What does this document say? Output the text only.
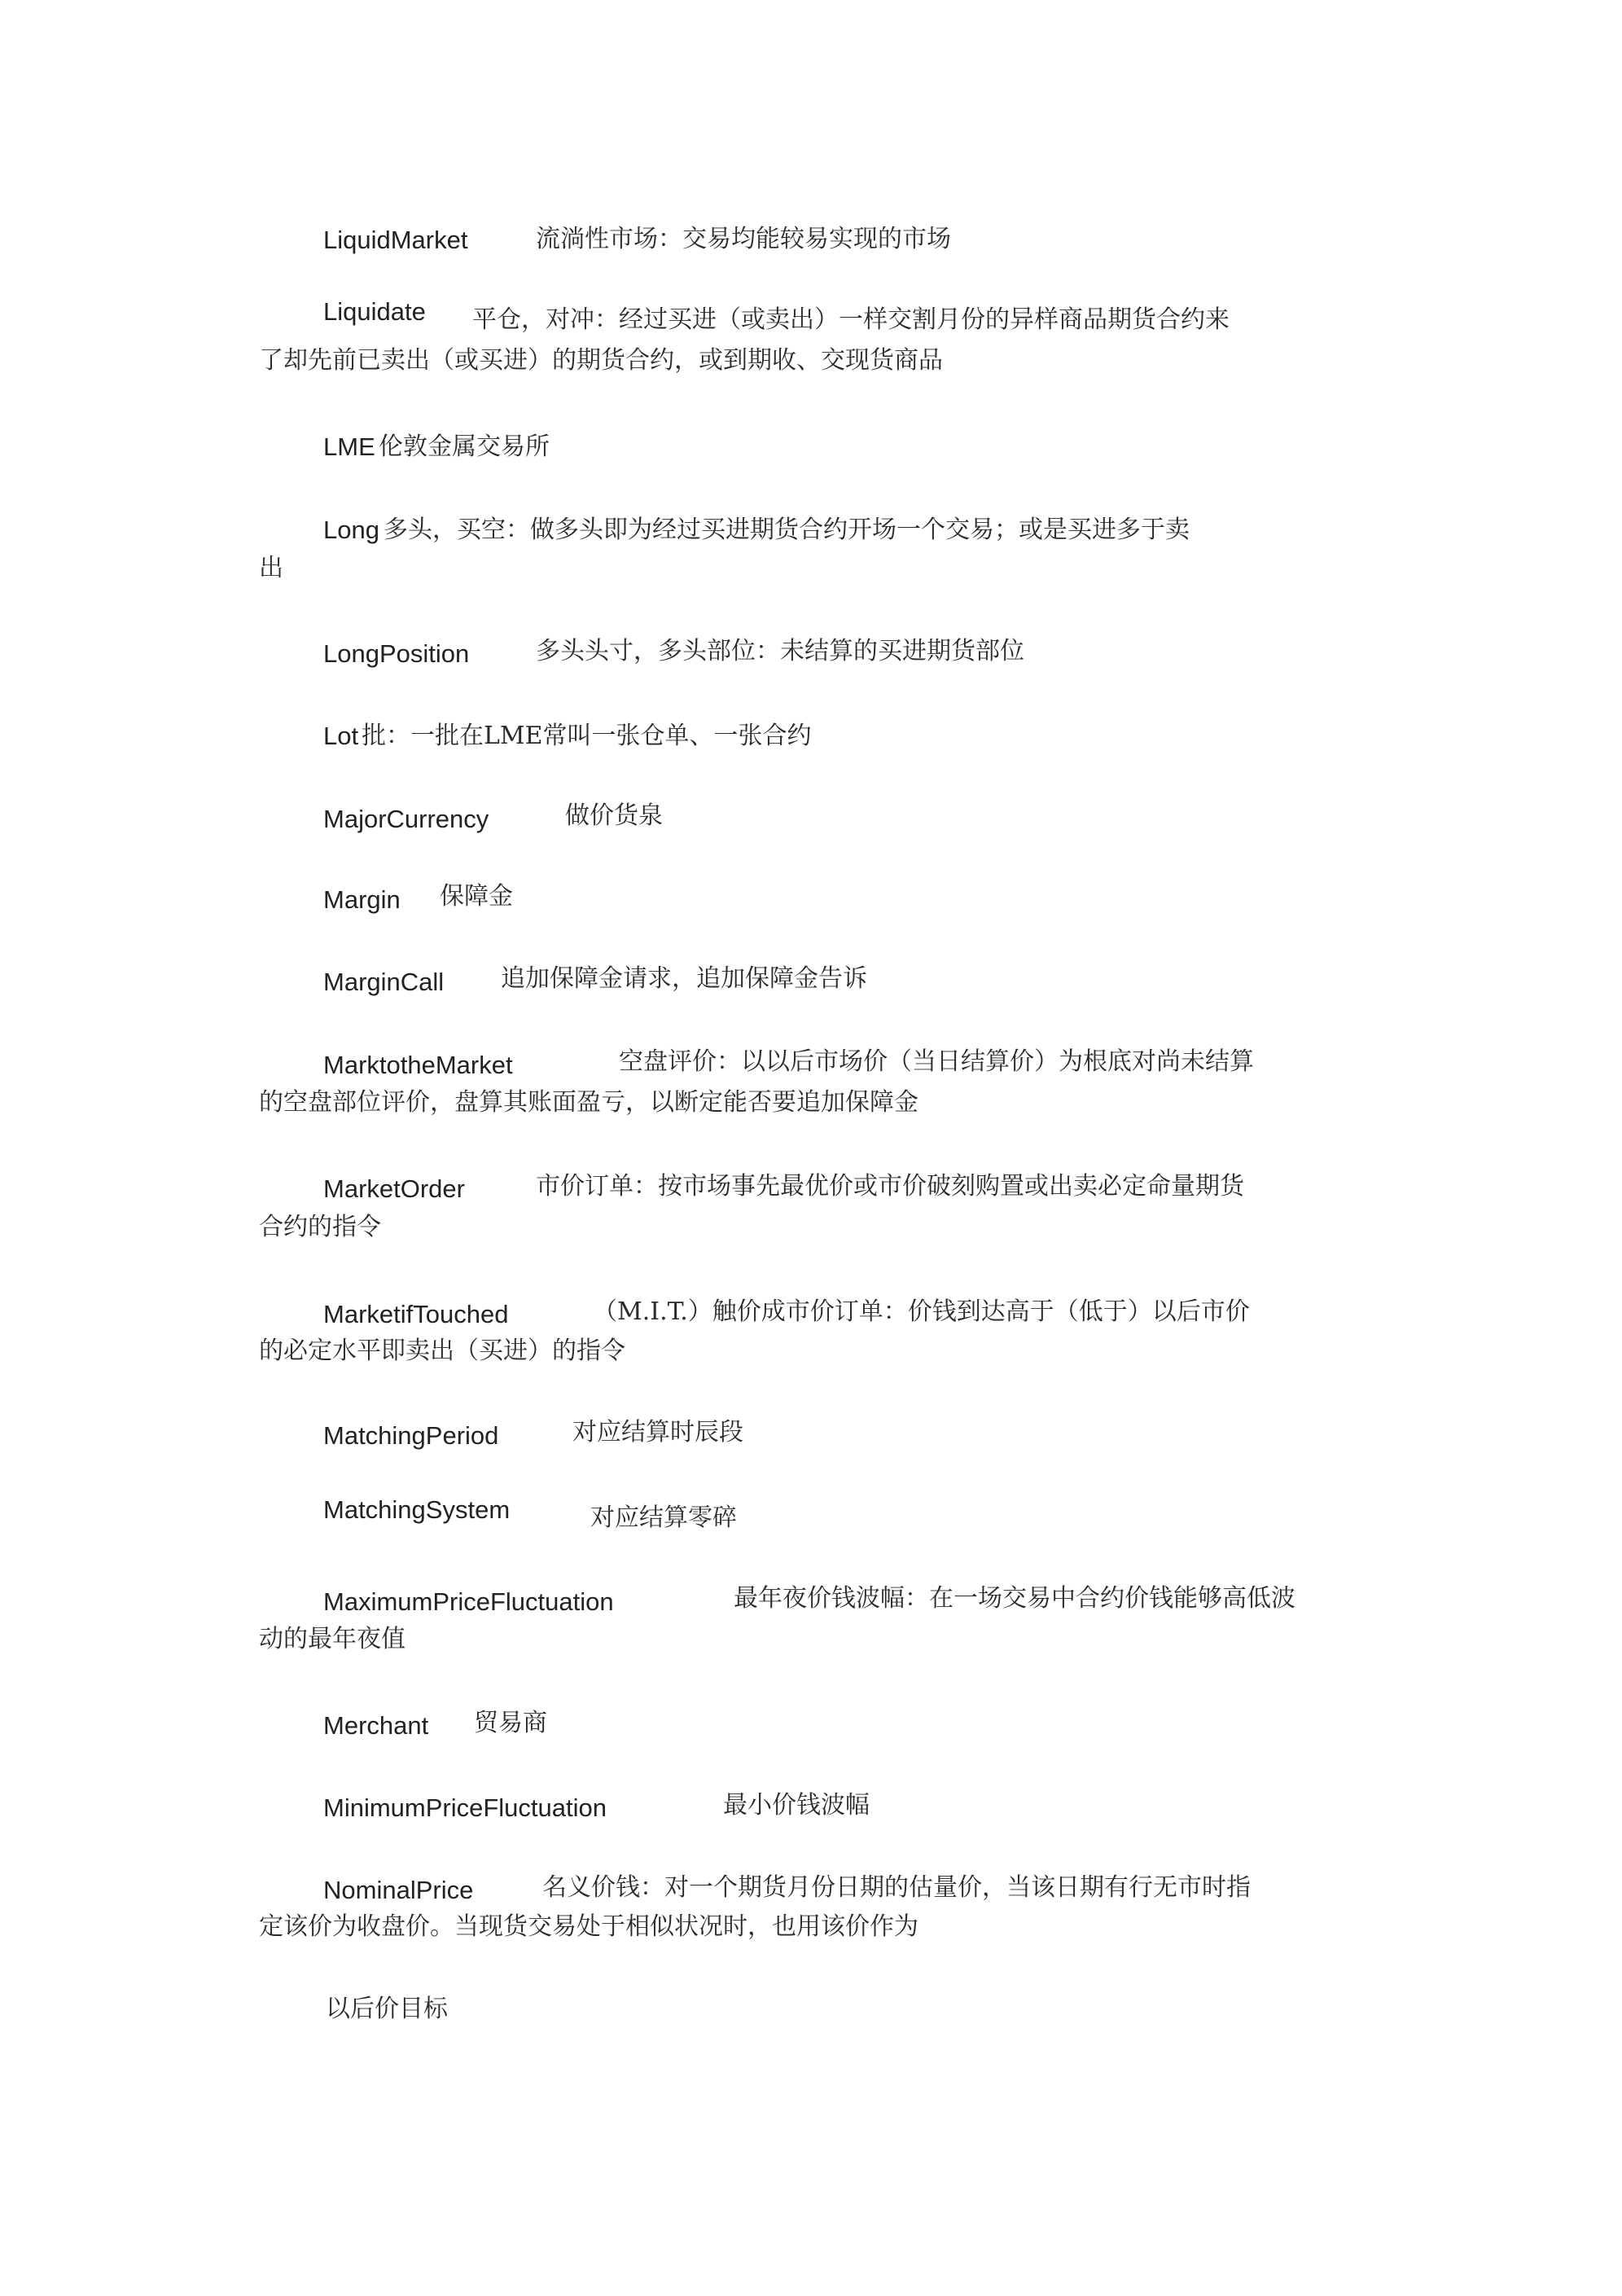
LiquidMarket	流淌性市场：交易均能较易实现的市场
Liquidate 平仓，对冲：经过买进（或卖出）一样交割月份的异样商品期货合约来
了却先前已卖出（或买进）的期货合约，或到期收、交现货商品
LME 伦敦金属交易所
Long 多头，买空：做多头即为经过买进期货合约开场一个交易；或是买进多于卖
出
LongPosition	多头头寸，多头部位：未结算的买进期货部位
Lot 批：一批在LME常叫一张仓单、一张合约
MajorCurrency	做价货泉
Margin 保障金
MarginCall 追加保障金请求，追加保障金告诉
MarktotheMarket	空盘评价：以以后市场价（当日结算价）为根底对尚未结算
的空盘部位评价，盘算其账面盈亏，以断定能否要追加保障金
MarketOrder	市价订单：按市场事先最优价或市价破刻购置或出卖必定命量期货
合约的指令
MarketifTouched	（M.I.T.）触价成市价订单：价钱到达高于（低于）以后市价
的必定水平即卖出（买进）的指令
MatchingPeriod	对应结算时辰段
MatchingSystem	对应结算零碎
MaximumPriceFluctuation	最年夜价钱波幅：在一场交易中合约价钱能够高低波
动的最年夜值
Merchant 贸易商
MinimumPriceFluctuation	最小价钱波幅
NominalPrice	名义价钱：对一个期货月份日期的估量价，当该日期有行无市时指
定该价为收盘价。当现货交易处于相似状况时，也用该价作为
以后价目标
